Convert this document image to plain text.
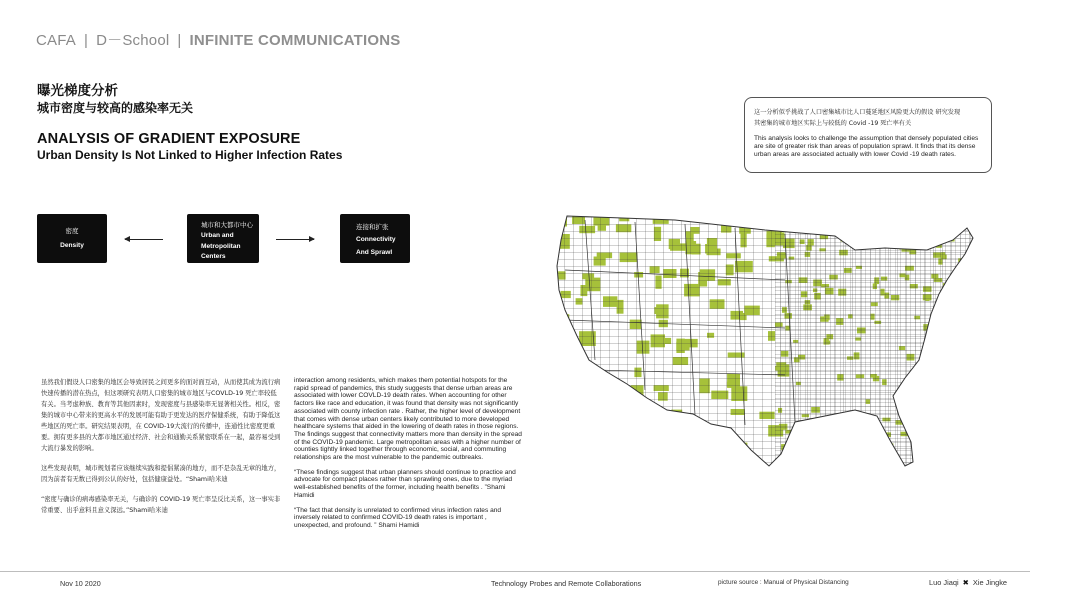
CAFA | D－School | INFINITE COMMUNICATIONS
曝光梯度分析
城市密度与较高的感染率无关
ANALYSIS OF GRADIENT EXPOSURE
Urban Density Is Not Linked to Higher Infection Rates
这一分析似乎挑战了人口密集城市比人口蔓延地区风险更大的假设 研究发现
其密集的城市地区实际上与较低的 Covid -19 死亡率有关
This analysis looks to challenge the assumption that densely populated cities are site of greater risk than areas of population sprawl. It finds that its dense urban areas are associated actually with lower Covid -19 death rates.
密度
Density
城市和大都市中心
Urban and
Metropolitan
Centers
连接和扩张
Connectivity
And Sprawl

虽然我们假设人口密集的地区会导致居民之间更多的面对面互动，从而使其成为流行病快速传播的潜在热点，但这项研究表明人口密集的城市地区与COVLD-19 死亡率较低有关。当考虑种族、教育等其他因素时，发现密度与县感染率无显著相关性。相反，密集的城市中心带来的更高水平的发展可能有助于更发达的医疗保健系统，有助于降低这些地区的死亡率。研究结果表明，在 COVID-19大流行的传播中，连通性比密度更重要。拥有更多县的大都市地区通过经济、社会和通勤关系紧密联系在一起，最容易受到大流行暴发的影响。

这些发现表明，城市规划者应该继续实践和提倡紧凑的地方，而不是杂乱无章的地方，因为前者有无数已得到公认的好处，包括健康益处。“Shami哈米迪

“密度与确诊的病毒感染率无关，与确诊的 COVID-19 死亡率呈反比关系，这一事实非常重要、出乎意料且意义深远。”Shami哈米迪

interaction among residents, which makes them potential hotspots for the rapid spread of pandemics, this study suggests that dense urban areas are associated with lower COVLD-19 death rates. When accounting for other factors like race and education, it was found that density was not significantly associated with county infection rate . Rather, the higher level of development that comes with dense urban centers likely contributed to more developed healthcare systems that aided in the lowering of death rates in those regions. The findings suggest that connectivity matters more than density in the spread of the COVID-19 pandemic. Large metropolitan areas with a higher number of counties tightly linked together through economic, social, and commuting relationships are the most vulnerable to the pandemic outbreaks.

“These findings suggest that urban planners should continue to practice and advocate for compact places rather than sprawling ones, due to the myriad well-established benefits of the former, including health benefits . ”Shami Hamidi

“The fact that density is unrelated to confirmed virus infection rates and inversely related to confirmed COVID-19 death rates is important , unexpected, and profound. ” Shami Hamidi

Nov 10 2020	Technology Probes and Remote Collaborations	picture source : Manual of Physical Distancing	Luo Jiaqi ✖ Xie Jingke
